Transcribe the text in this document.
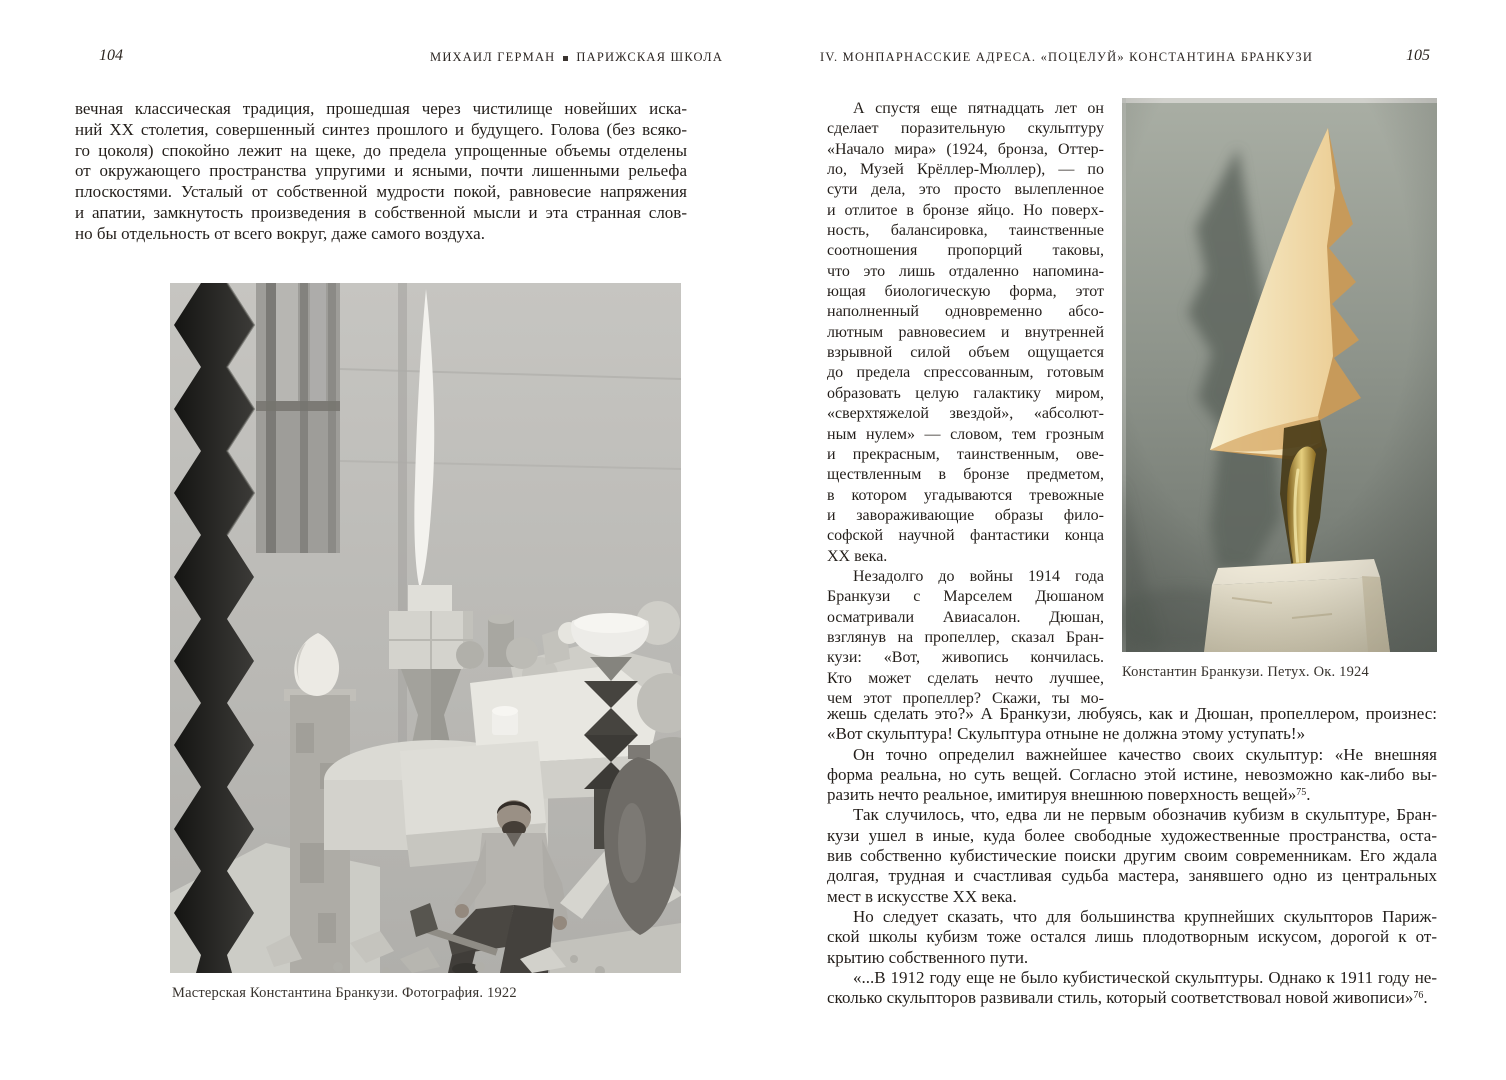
104	МИХАИЛ ГЕРМАН ПАРИЖСКАЯ ШКОЛА
вечная классическая традиция, прошедшая через чистилище новейших иска-
ний XX столетия, совершенный синтез прошлого и будущего. Голова (без всяко-
го цоколя) спокойно лежит на щеке, до предела упрощенные объемы отделены
от окружающего пространства упругими и ясными, почти лишенными рельефа
плоскостями. Усталый от собственной мудрости покой, равновесие напряжения
и апатии, замкнутость произведения в собственной мысли и эта странная слов-
но бы отдельность от всего вокруг, даже самого воздуха.
Мастерская Константина Бранкузи. Фотография. 1922
IV. МОНПАРНАССКИЕ АДРЕСА. «ПОЦЕЛУЙ» КОНСТАНТИНА БРАНКУЗИ	105
А спустя еще пятнадцать лет он
сделает поразительную скульптуру
«Начало мира» (1924, бронза, Оттер-
ло, Музей Крёллер-Мюллер), — по
сути дела, это просто вылепленное
и отлитое в бронзе яйцо. Но поверх-
ность, балансировка, таинственные
соотношения пропорций таковы,
что это лишь отдаленно напомина-
ющая биологическую форма, этот
наполненный одновременно абсо-
лютным равновесием и внутренней
взрывной силой объем ощущается
до предела спрессованным, готовым
образовать целую галактику миром,
«сверхтяжелой звездой», «абсолют-
ным нулем» — словом, тем грозным
и прекрасным, таинственным, ове-
ществленным в бронзе предметом,
в котором угадываются тревожные
и завораживающие образы фило-
софской научной фантастики конца
XX века.
Незадолго до войны 1914 года
Бранкузи с Марселем Дюшаном
осматривали Авиасалон. Дюшан,
взглянув на пропеллер, сказал Бран-
кузи: «Вот, живопись кончилась.
Кто может сделать нечто лучшее,
чем этот пропеллер? Скажи, ты мо-
Константин Бранкузи. Петух. Ок. 1924
жешь сделать это?» А Бранкузи, любуясь, как и Дюшан, пропеллером, произнес:
«Вот скульптура! Скульптура отныне не должна этому уступать!»
Он точно определил важнейшее качество своих скульптур: «Не внешняя
форма реальна, но суть вещей. Согласно этой истине, невозможно как-либо вы-
разить нечто реальное, имитируя внешнюю поверхность вещей»$^{75}$.
Так случилось, что, едва ли не первым обозначив кубизм в скульптуре, Бран-
кузи ушел в иные, куда более свободные художественные пространства, оста-
вив собственно кубистические поиски другим своим современникам. Его ждала
долгая, трудная и счастливая судьба мастера, занявшего одно из центральных
мест в искусстве XX века.
Но следует сказать, что для большинства крупнейших скульпторов Париж-
ской школы кубизм тоже остался лишь плодотворным искусом, дорогой к от-
крытию собственного пути.
«...В 1912 году еще не было кубистической скульптуры. Однако к 1911 году не-
сколько скульпторов развивали стиль, который соответствовал новой живописи»$^{76}$.
